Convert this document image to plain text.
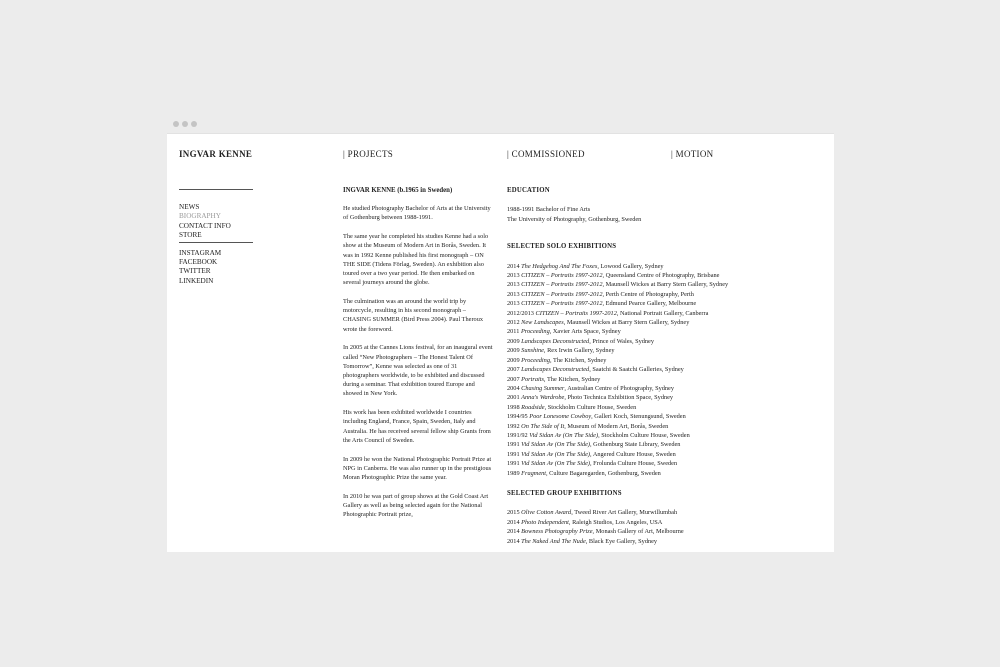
INGVAR KENNE	| PROJECTS	| COMMISSIONED	| MOTION
NEWS
BIOGRAPHY
CONTACT INFO
STORE
INSTAGRAM
FACEBOOK
TWITTER
LINKEDIN
INGVAR KENNE (b.1965 in Sweden)

He studied Photography Bachelor of Arts at the University of Gothenburg between 1988-1991.

The same year he completed his studies Kenne had a solo show at the Museum of Modern Art in Borås, Sweden. It was in 1992 Kenne published his first monograph – ON THE SIDE (Tidens Förlag, Sweden). An exhibition also toured over a two year period. He then embarked on several journeys around the globe.

The culmination was an around the world trip by motorcycle, resulting in his second monograph – CHASING SUMMER (Bird Press 2004). Paul Theroux wrote the foreword.

In 2005 at the Cannes Lions festival, for an inaugural event called “New Photographers – The Honest Talent Of Tomorrow”, Kenne was selected as one of 31 photographers worldwide, to be exhibited and discussed during a seminar. That exhibition toured Europe and showed in New York.

His work has been exhibited worldwide I countries including England, France, Spain, Sweden, Italy and Australia. He has received several fellow ship Grants from the Arts Council of Sweden.

In 2009 he won the National Photographic Portrait Prize at NPG in Canberra. He was also runner up in the prestigious Moran Photographic Prize the same year.

In 2010 he was part of group shows at the Gold Coast Art Gallery as well as being selected again for the National Photographic Portrait prize,

EDUCATION
1988-1991 Bachelor of Fine Arts
The University of Photography, Gothenburg, Sweden
SELECTED SOLO EXHIBITIONS
2014 The Hedgehog And The Foxes, Lowood Gallery, Sydney
2013 CITIZEN – Portraits 1997-2012, Queensland Centre of Photography, Brisbane
2013 CITIZEN – Portraits 1997-2012, Maunsell Wickes at Barry Stern Gallery, Sydney
2013 CITIZEN – Portraits 1997-2012, Perth Centre of Photography, Perth
2013 CITIZEN – Portraits 1997-2012, Edmund Pearce Gallery, Melbourne
2012/2013 CITIZEN – Portraits 1997-2012, National Portrait Gallery, Canberra
2012 New Landscapes, Maunsell Wickes at Barry Stern Gallery, Sydney
2011 Proceeding, Xavier Arts Space, Sydney
2009 Landscapes Deconstructed, Prince of Wales, Sydney
2009 Sunshine, Rex Irwin Gallery, Sydney
2009 Proceeding, The Kitchen, Sydney
2007 Landscapes Deconstructed, Saatchi & Saatchi Galleries, Sydney
2007 Portraits, The Kitchen, Sydney
2004 Chasing Summer, Australian Centre of Photography, Sydney
2001 Anna's Wardrobe, Photo Technica Exhibition Space, Sydney
1998 Roadside, Stockholm Culture House, Sweden
1994/95 Poor Lonesome Cowboy, Galleri Koch, Stenungsund, Sweden
1992 On The Side of It, Museum of Modern Art, Borås, Sweden
1991/92 Vid Sidan Av (On The Side), Stockholm Culture House, Sweden
1991 Vid Sidan Av (On The Side), Gothenburg State Library, Sweden
1991 Vid Sidan Av (On The Side), Angered Culture House, Sweden
1991 Vid Sidan Av (On The Side), Frolunda Culture House, Sweden
1989 Fragment, Culture Bagaregarden, Gothenburg, Sweden
SELECTED GROUP EXHIBITIONS
2015 Olive Cotton Award, Tweed River Art Gallery, Murwillumbah
2014 Photo Independent, Raleigh Studios, Los Angeles, USA
2014 Bowness Photography Prize, Monash Gallery of Art, Melbourne
2014 The Naked And The Nude, Black Eye Gallery, Sydney
